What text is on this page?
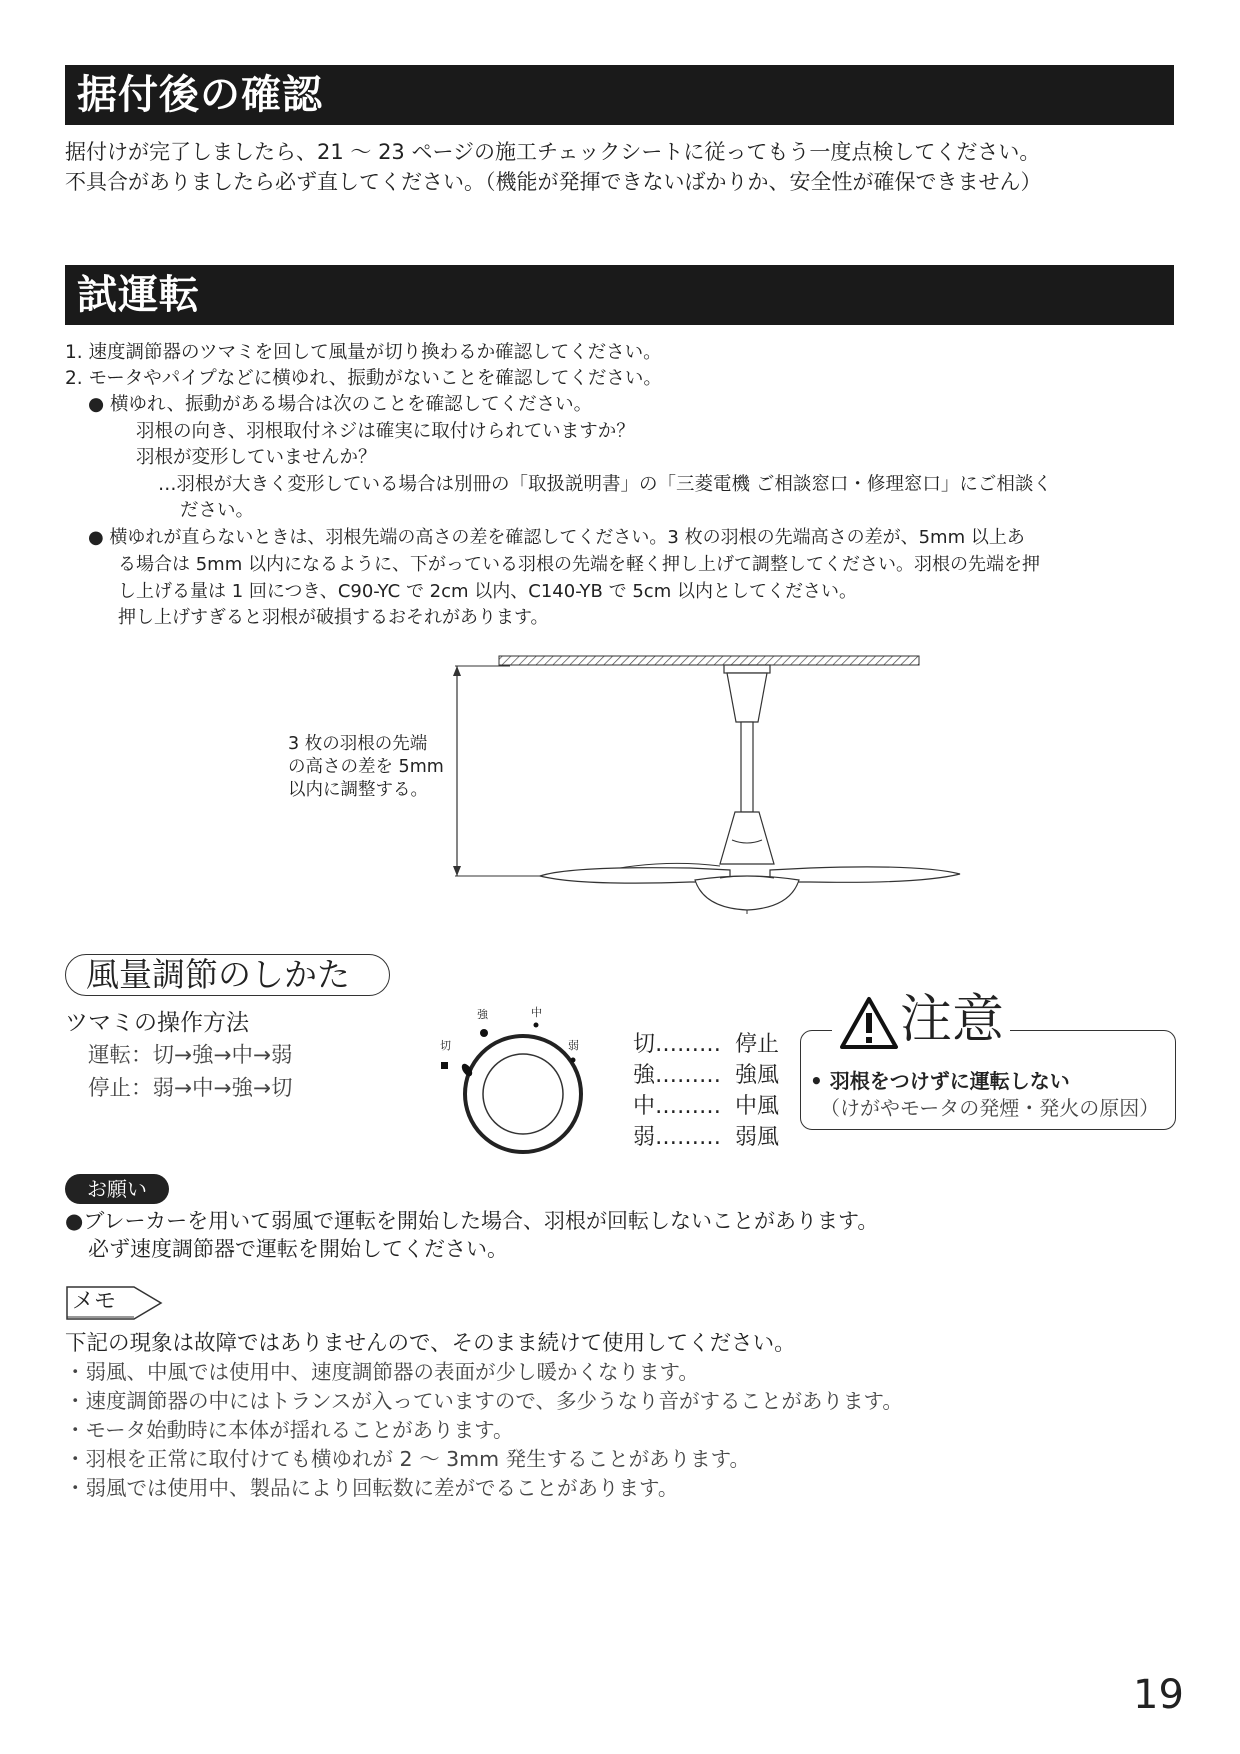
据付後の確認
据付けが完了しましたら、21 ～ 23 ページの施工チェックシートに従ってもう一度点検してください。
不具合がありましたら必ず直してください。（機能が発揮できないばかりか、安全性が確保できません）
試運転
1. 速度調節器のツマミを回して風量が切り換わるか確認してください。
2. モータやパイプなどに横ゆれ、振動がないことを確認してください。
● 横ゆれ、振動がある場合は次のことを確認してください。
羽根の向き、羽根取付ネジは確実に取付けられていますか？
羽根が変形していませんか？
…羽根が大きく変形している場合は別冊の「取扱説明書」の「三菱電機 ご相談窓口・修理窓口」にご相談く
ださい。
● 横ゆれが直らないときは、羽根先端の高さの差を確認してください。3 枚の羽根の先端高さの差が、5mm 以上あ
る場合は 5mm 以内になるように、下がっている羽根の先端を軽く押し上げて調整してください。羽根の先端を押
し上げる量は 1 回につき、C90-YC で 2cm 以内、C140-YB で 5cm 以内としてください。
押し上げすぎると羽根が破損するおそれがあります。
3 枚の羽根の先端
の高さの差を 5mm
以内に調整する。
風量調節のしかた
ツマミの操作方法
運転：切→強→中→弱
停止：弱→中→強→切
切
強	中
弱 切……… 停止
強……… 強風
中……… 中風
弱……… 弱風
注意
• 羽根をつけずに運転しない
（けがやモータの発煙・発火の原因）
お願い
●ブレーカーを用いて弱風で運転を開始した場合、羽根が回転しないことがあります。
必ず速度調節器で運転を開始してください。
メモ
下記の現象は故障ではありませんので、そのまま続けて使用してください。
・弱風、中風では使用中、速度調節器の表面が少し暖かくなります。
・速度調節器の中にはトランスが入っていますので、多少うなり音がすることがあります。
・モータ始動時に本体が揺れることがあります。
・羽根を正常に取付けても横ゆれが 2 ～ 3mm 発生することがあります。
・弱風では使用中、製品により回転数に差がでることがあります。
19
